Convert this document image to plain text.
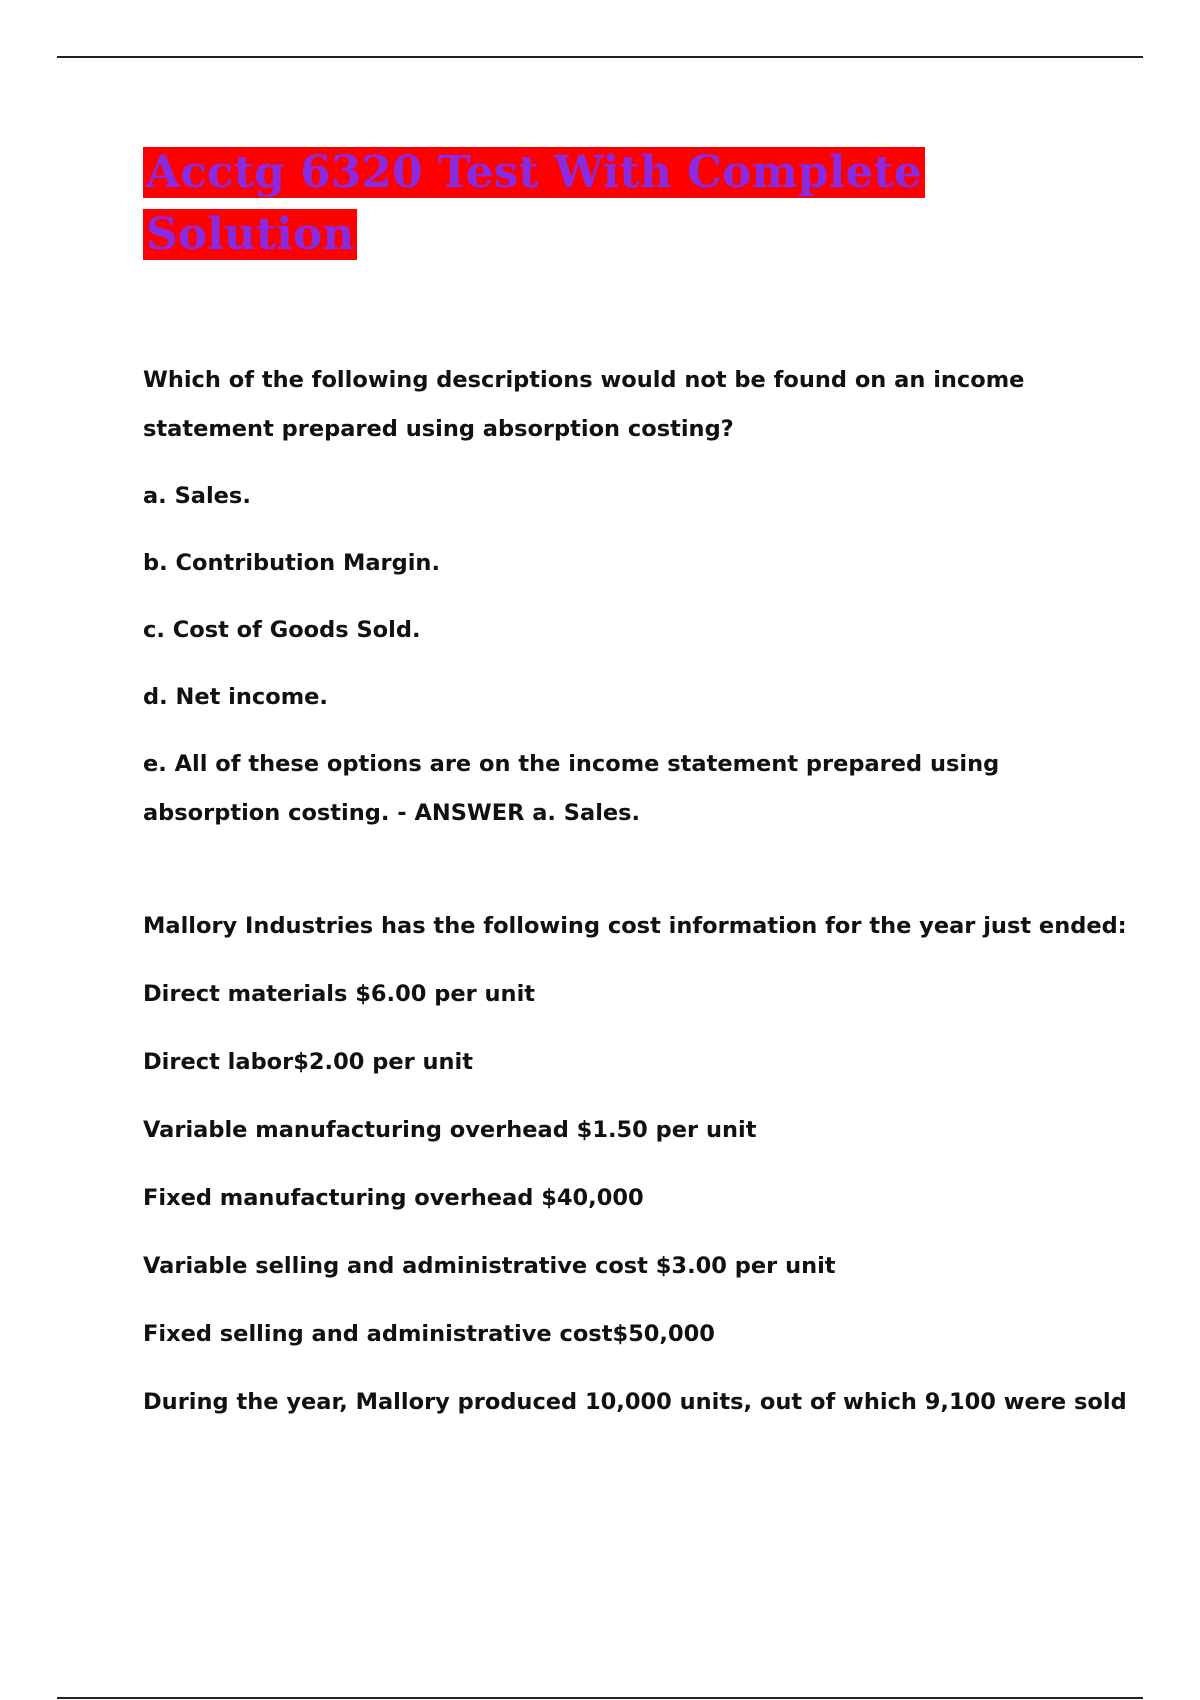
Acctg 6320 Test With Complete Solution

Which of the following descriptions would not be found on an income statement prepared using absorption costing?

a. Sales.

b. Contribution Margin.

c. Cost of Goods Sold.

d. Net income.

e. All of these options are on the income statement prepared using absorption costing. - ANSWER a. Sales.

Mallory Industries has the following cost information for the year just ended:

Direct materials $6.00 per unit

Direct labor$2.00 per unit

Variable manufacturing overhead $1.50 per unit

Fixed manufacturing overhead $40,000

Variable selling and administrative cost $3.00 per unit

Fixed selling and administrative cost$50,000

During the year, Mallory produced 10,000 units, out of which 9,100 were sold
